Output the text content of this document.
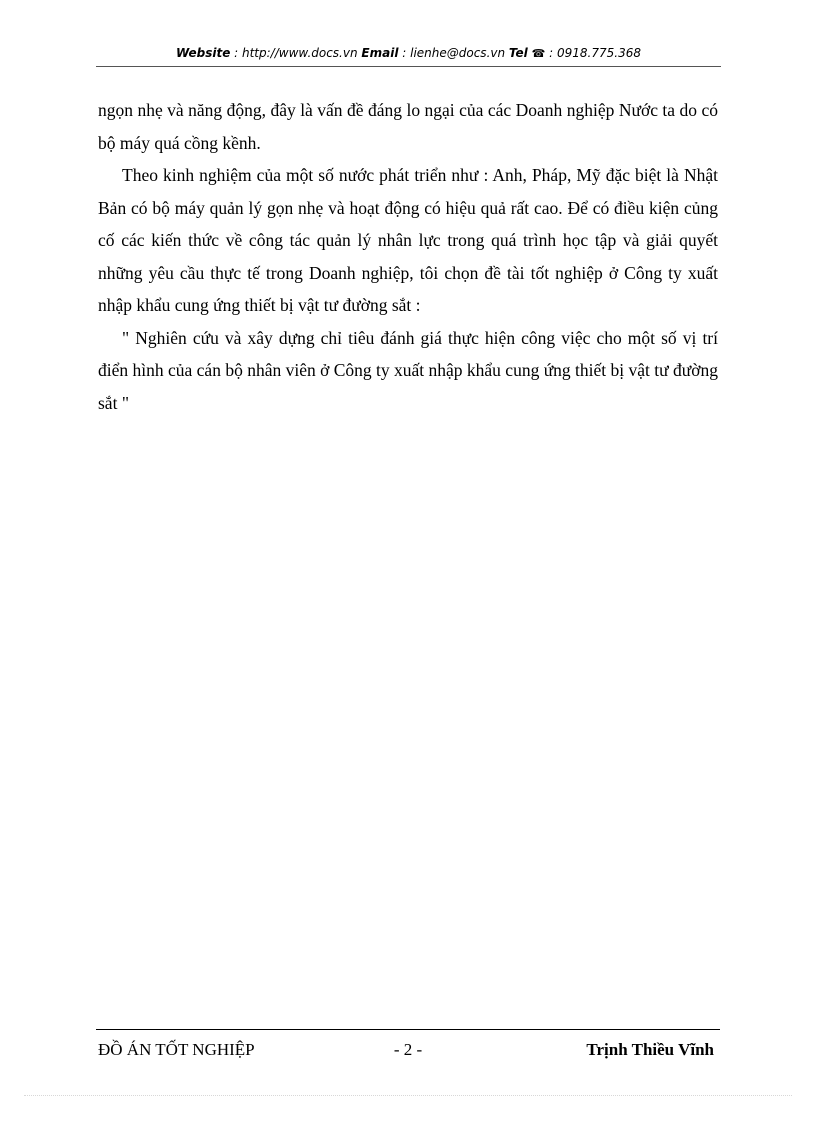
Website : http://www.docs.vn Email : lienhe@docs.vn Tel ☎ : 0918.775.368

ngọn nhẹ và năng động, đây là vấn đề đáng lo ngại của các Doanh nghiệp Nước ta do có bộ máy quá cồng kềnh.

Theo kinh nghiệm của một số nước phát triển như : Anh, Pháp, Mỹ đặc biệt là Nhật Bản có bộ máy quản lý gọn nhẹ và hoạt động có hiệu quả rất cao. Để có điều kiện củng cố các kiến thức về công tác quản lý nhân lực trong quá trình học tập và giải quyết những yêu cầu thực tế trong Doanh nghiệp, tôi chọn đề tài tốt nghiệp ở Công ty xuất nhập khẩu cung ứng thiết bị vật tư đường sắt :

" Nghiên cứu và xây dựng chỉ tiêu đánh giá thực hiện công việc cho một số vị trí điển hình của cán bộ nhân viên ở Công ty xuất nhập khẩu cung ứng thiết bị vật tư đường sắt "

ĐỒ ÁN TỐT NGHIỆP	- 2 -	Trịnh Thiều Vĩnh
